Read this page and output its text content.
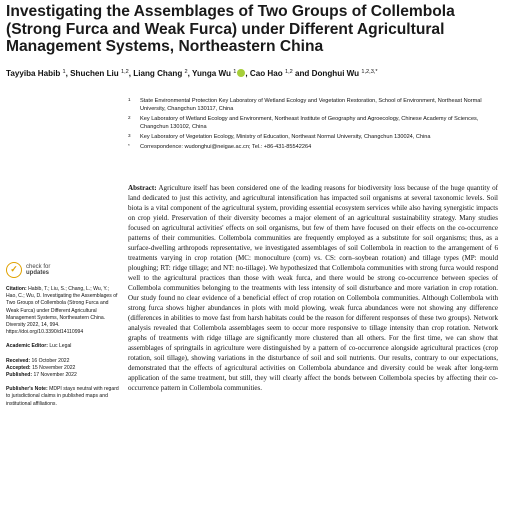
Investigating the Assemblages of Two Groups of Collembola (Strong Furca and Weak Furca) under Different Agricultural Management Systems, Northeastern China
Tayyiba Habib $^1$, Shuchen Liu $^{1,2}$, Liang Chang $^2$, Yunga Wu $^1$ , Cao Hao $^{1,2}$ and Donghui Wu $^{1,2,3,*}$
1 State Environmental Protection Key Laboratory of Wetland Ecology and Vegetation Restoration, School of Environment, Northeast Normal University, Changchun 130117, China
2 Key Laboratory of Wetland Ecology and Environment, Northeast Institute of Geography and Agroecology, Chinese Academy of Sciences, Changchun 130102, China
3 Key Laboratory of Vegetation Ecology, Ministry of Education, Northeast Normal University, Changchun 130024, China
* Correspondence: wudonghui@neigae.ac.cn; Tel.: +86-431-85542264

Abstract: Agriculture itself has been considered one of the leading reasons for biodiversity loss because of the huge quantity of land dedicated to just this activity, and agricultural intensification has impacted soil organisms at several taxonomic levels. Soil biota is a vital component of the agricultural system, providing essential ecosystem services while also having synergistic impacts on crop yield. Preservation of their diversity becomes a major element of an agricultural sustainability strategy. Many studies focused on agricultural activities' effects on soil organisms, but few of them have focused on their effects on the co-occurrence patterns of their communities. Collembola communities are frequently employed as a substitute for soil organisms; thus, as a surface-dwelling arthropods representative, we investigated assemblages of soil Collembola in reaction to the arrangement of 6 treatments varying in crop rotation (MC: monoculture (corn) vs. CS: corn–soybean rotation) and tillage types (MP: mould ploughing; RT: ridge tillage; and NT: no-tillage). We hypothesized that Collembola communities with strong furca would respond well to the agricultural practices than those with weak furca, and there would be strong co-occurrence between species of Collembola communities belonging to the treatments with less intensity of soil disturbance and more variation in crop rotation. Our study found no clear evidence of a beneficial effect of crop rotation on Collembola communities. Although Collembola with strong furca shows higher abundances in plots with mold plowing, weak furca abundances were not showing any difference (differences in abilities to move fast from harsh habitats could be the reason for different responses of these two groups). Network analysis revealed that Collembola assemblages seem to occur more responsive to tillage intensity than crop rotation. Network graphs of treatments with ridge tillage are significantly more clustered than all others. For the first time, we can show that assemblages of springtails in agriculture were distinguished by a pattern of co-occurrence alongside agricultural practices (crop rotation, soil tillage), showing variations in the disturbance of soil and soil nutrients. Our results, contrary to our expectations, demonstrated that the effects of agricultural activities on Collembola abundance and diversity could be weak after long-term application of the same treatment, but still, they will clearly affect the bonds between Collembola species by affecting their co-occurrence pattern in Collembola communities.

✓	check for
updates
Citation: Habib, T.; Liu, S.; Chang, L.; Wu, Y.; Hao, C.; Wu, D. Investigating the Assemblages of Two Groups of Collembola (Strong Furca and Weak Furca) under Different Agricultural Management Systems, Northeastern China. Diversity 2022, 14, 994. https://doi.org/10.3390/d14110994
Academic Editor: Luc Legal
Received: 16 October 2022
Accepted: 15 November 2022
Published: 17 November 2022
Publisher's Note: MDPI stays neutral with regard to jurisdictional claims in published maps and institutional affiliations.
